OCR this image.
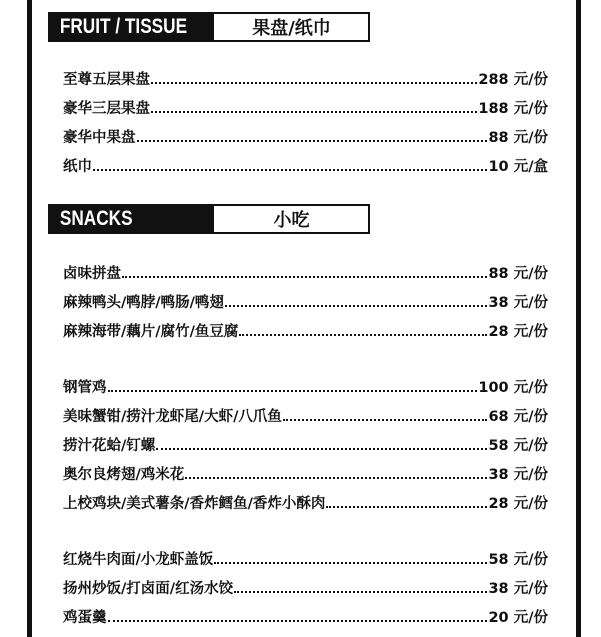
FRUIT / TISSUE	果盘/纸巾
至尊五层果盘	288 元/份
豪华三层果盘	188 元/份
豪华中果盘	88 元/份
纸巾	10 元/盒
SNACKS	小吃
卤味拼盘	88 元/份
麻辣鸭头/鸭脖/鸭肠/鸭翅	38 元/份
麻辣海带/藕片/腐竹/鱼豆腐	28 元/份
钢管鸡	100 元/份
美味蟹钳/捞汁龙虾尾/大虾/八爪鱼	68 元/份
捞汁花蛤/钉螺	58 元/份
奥尔良烤翅/鸡米花	38 元/份
上校鸡块/美式薯条/香炸鳕鱼/香炸小酥肉	28 元/份
红烧牛肉面/小龙虾盖饭	58 元/份
扬州炒饭/打卤面/红汤水饺	38 元/份
鸡蛋羹	20 元/份
